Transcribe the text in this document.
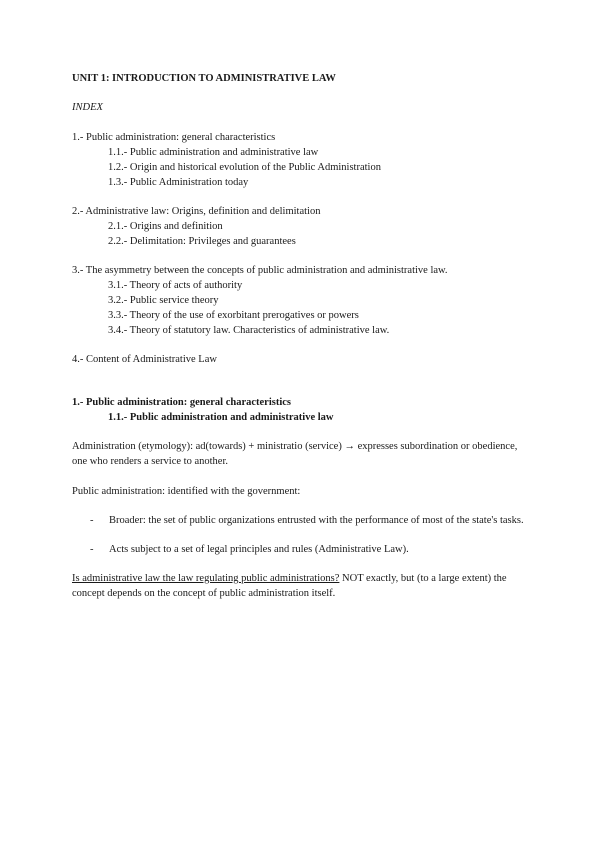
UNIT 1: INTRODUCTION TO ADMINISTRATIVE LAW
INDEX
1.- Public administration: general characteristics
1.1.- Public administration and administrative law
1.2.- Origin and historical evolution of the Public Administration
1.3.- Public Administration today
2.- Administrative law: Origins, definition and delimitation
2.1.- Origins and definition
2.2.- Delimitation: Privileges and guarantees
3.- The asymmetry between the concepts of public administration and administrative law.
3.1.- Theory of acts of authority
3.2.- Public service theory
3.3.- Theory of the use of exorbitant prerogatives or powers
3.4.- Theory of statutory law. Characteristics of administrative law.
4.- Content of Administrative Law
1.- Public administration: general characteristics
1.1.- Public administration and administrative law
Administration (etymology): ad(towards) + ministratio (service) → expresses subordination or obedience, one who renders a service to another.
Public administration: identified with the government:
- Broader: the set of public organizations entrusted with the performance of most of the state's tasks.
- Acts subject to a set of legal principles and rules (Administrative Law).
Is administrative law the law regulating public administrations? NOT exactly, but (to a large extent) the concept depends on the concept of public administration itself.
